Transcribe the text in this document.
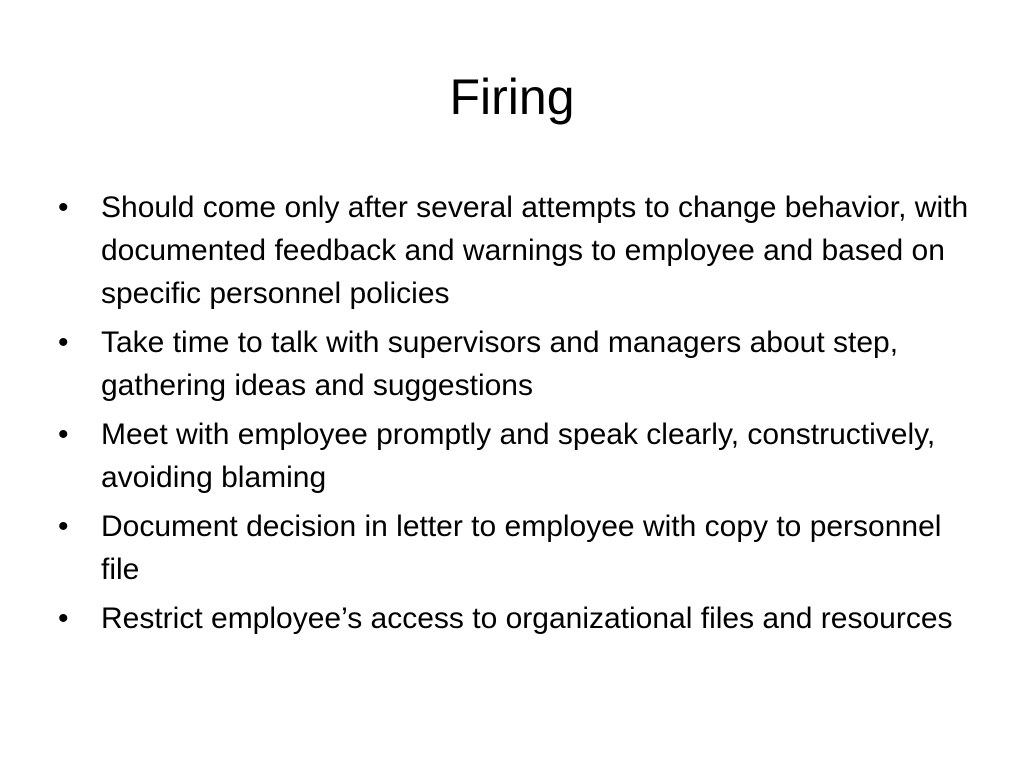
Firing
•	Should come only after several attempts to change behavior, with documented feedback and warnings to employee and based on specific personnel policies
•	Take time to talk with supervisors and managers about step, gathering ideas and suggestions
•	Meet with employee promptly and speak clearly, constructively, avoiding blaming
•	Document decision in letter to employee with copy to personnel file
•	Restrict employee’s access to organizational files and resources
